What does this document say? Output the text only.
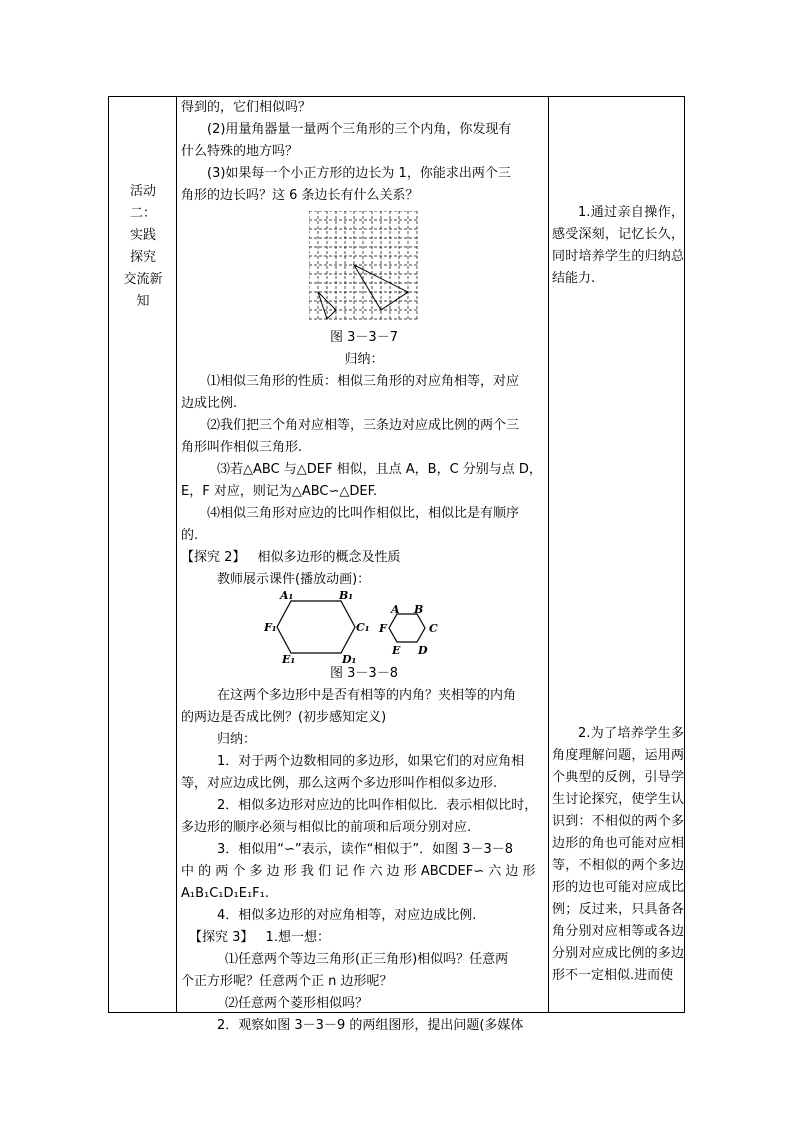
活动
二：
实践
探究
交流新
知

得到的，它们相似吗？

(2)用量角器量一量两个三角形的三个内角，你发现有

什么特殊的地方吗？

(3)如果每一个小正方形的边长为 1，你能求出两个三

角形的边长吗？这 6 条边长有什么关系？

图 3－3－7

归纳：

⑴相似三角形的性质：相似三角形的对应角相等，对应

边成比例.

⑵我们把三个角对应相等，三条边对应成比例的两个三

角形叫作相似三角形.

⑶若△ABC 与△DEF 相似，且点 A，B，C 分别与点 D，

E，F 对应，则记为△ABC∽△DEF.

⑷相似三角形对应边的比叫作相似比，相似比是有顺序

的.

【探究 2】 相似多边形的概念及性质

教师展示课件(播放动画)：

A₁	B₁
C₁
D₁
E₁
F₁
A B
C
D
E
F

图 3－3－8

在这两个多边形中是否有相等的内角？夹相等的内角

的两边是否成比例？(初步感知定义)

归纳：

1．对于两个边数相同的多边形，如果它们的对应角相

等，对应边成比例，那么这两个多边形叫作相似多边形.

2．相似多边形对应边的比叫作相似比．表示相似比时，

多边形的顺序必须与相似比的前项和后项分别对应.

3．相似用“∽”表示，读作“相似于”．如图 3－3－8

中 的 两 个 多 边 形 我 们 记 作 六 边 形 ABCDEF∽ 六 边 形

A₁B₁C₁D₁E₁F₁.

4．相似多边形的对应角相等，对应边成比例.

【探究 3】 1.想一想：

⑴任意两个等边三角形(正三角形)相似吗？任意两

个正方形呢？任意两个正 n 边形呢？

⑵任意两个菱形相似吗？

2．观察如图 3－3－9 的两组图形，提出问题(多媒体

1.通过亲自操作，感受深刻，记忆长久，同时培养学生的归纳总结能力.
2.为了培养学生多角度理解问题，运用两个典型的反例，引导学生讨论探究，使学生认识到：不相似的两个多边形的角也可能对应相等，不相似的两个多边形的边也可能对应成比例；反过来，只具备各角分别对应相等或各边分别对应成比例的多边形不一定相似.进而使
